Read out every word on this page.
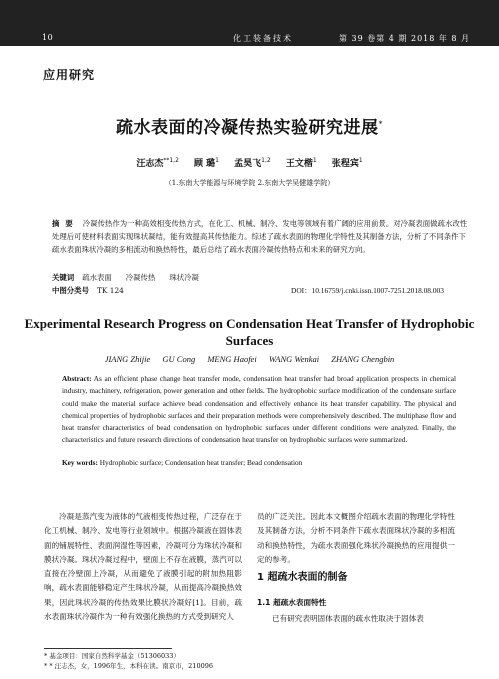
10	化工装备技术	第 39 卷第 4 期 2018 年 8 月
应用研究
疏水表面的冷凝传热实验研究进展*
汪志杰$^{**1,2}$ 顾 璐$^1$ 孟昊飞$^{1,2}$ 王文楷$^1$ 张程宾$^1$
（1.东南大学能源与环境学院 2.东南大学吴健雄学院）
摘要 冷凝传热作为一种高效相变传热方式，在化工、机械、制冷、发电等领域有着广阔的应用前景。对冷凝表面做疏水改性处理后可使材料表面实现珠状凝结，能有效提高其传热能力。综述了疏水表面的物理化学特性及其制备方法，分析了不同条件下疏水表面珠状冷凝的多相流动和换热特性，最后总结了疏水表面冷凝传热特点和未来的研究方向。
关键词 疏水表面 冷凝传热 珠状冷凝
中图分类号 TK 124	DOI：10.16759/j.cnki.issn.1007-7251.2018.08.003
Experimental Research Progress on Condensation Heat Transfer of Hydrophobic Surfaces
JIANG Zhijie GU Cong MENG Haofei WANG Wenkai ZHANG Chengbin
Abstract: As an efficient phase change heat transfer mode, condensation heat transfer had broad application prospects in chemical industry, machinery, refrigeration, power generation and other fields. The hydrophobic surface modification of the condensate surface could make the material surface achieve bead condensation and effectively enhance its heat transfer capability. The physical and chemical properties of hydrophobic surfaces and their preparation methods were comprehensively described. The multiphase flow and heat transfer characteristics of bead condensation on hydrophobic surfaces under different conditions were analyzed. Finally, the characteristics and future research directions of condensation heat transfer on hydrophobic surfaces were summarized.
Key words: Hydrophobic surface; Condensation heat transfer; Bead condensation
冷凝是蒸汽变为液体的气液相变传热过程，广泛存在于化工机械、制冷、发电等行业领域中。根据冷凝液在固体表面的铺展特性、表面润湿性等因素，冷凝可分为珠状冷凝和膜状冷凝。珠状冷凝过程中，壁面上不存在液膜，蒸汽可以直接在冷壁面上冷凝，从而避免了液膜引起的附加热阻影响，疏水表面能够稳定产生珠状冷凝，从而提高冷凝换热效果，因此珠状冷凝的传热效果比膜状冷凝好[1]。目前，疏水表面珠状冷凝作为一种有效强化换热的方式受到研究人
员的广泛关注。因此本文概图介绍疏水表面的物理化学特性及其制备方法，分析不同条件下疏水表面珠状冷凝的多相流动和换热特性，为疏水表面强化珠状冷凝换热的应用提供一定的参考。
1 超疏水表面的制备
1.1 超疏水表面特性
已有研究表明固体表面的疏水性取决于固体表
* 基金项目：国家自然科学基金（51306033）
* * 汪志杰，女，1996年生，本科在读。南京市，210096
